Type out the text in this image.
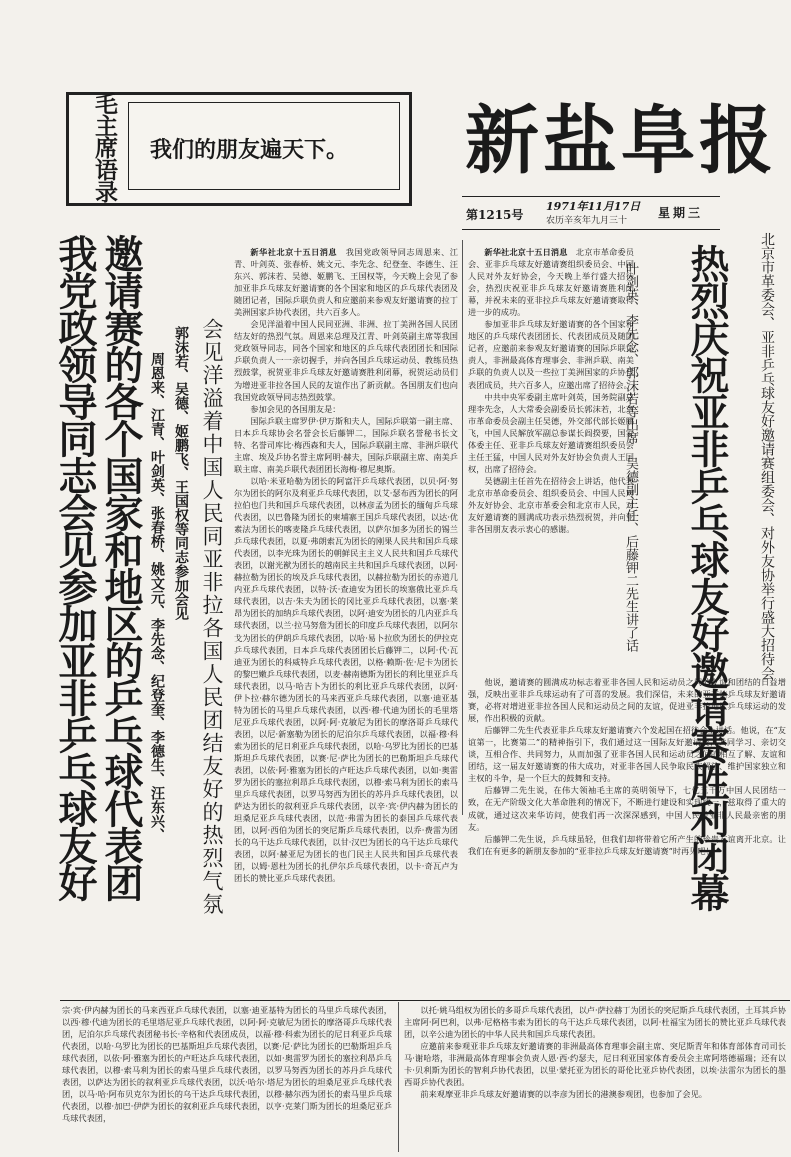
毛主席语录	我们的朋友遍天下。 新盐阜报
第1215号
1971年11月17日
农历辛亥年九月三十
星期三
我党政领导同志会见参加亚非乒乓球友好 邀请赛的各个国家和地区的乒乓球代表团 周恩来、江青、叶剑英、张春桥、姚文元、李先念、纪登奎、李德生、汪东兴、 郭沫若、吴德、姬鹏飞、王国权等同志参加会见 会见洋溢着中国人民同亚非拉各国人民团结友好的热烈气氛

新华社北京十五日消息　 我国党政领导同志周恩来、江青、叶剑英、张春桥、姚文元、李先念、纪登奎、李德生、汪东兴、郭沫若、吴德、姬鹏飞、王国权等，今天晚上会见了参加亚非乒乓球友好邀请赛的各个国家和地区的乒乓球代表团及随团记者，国际乒联负责人和应邀前来参观友好邀请赛的拉丁美洲国家乒协代表团，共六百多人。

会见洋溢着中国人民同亚洲、非洲、拉丁美洲各国人民团结友好的热烈气氛。周恩来总理及江青、叶剑英副主席等我国党政领导同志，同各个国家和地区的乒乓球代表团团长和国际乒联负责人一一亲切握手，并向各国乒乓球运动员、教练员热烈鼓掌，祝贺亚非乒乓球友好邀请赛胜利闭幕，祝贺运动员们为增进亚非拉各国人民的友谊作出了新贡献。各国朋友们也向我国党政领导同志热烈鼓掌。

参加会见的各国朋友是：

国际乒联主席罗伊·伊万斯和夫人，国际乒联第一副主席、日本乒乓球协会名誉会长后藤钾二，国际乒联名誉秘书长文特、名誉司库比·梅西森和夫人，国际乒联副主席、非洲乒联代主席、埃及乒协名誉主席阿明·赫夫，国际乒联副主席、南美乒联主席、南美乒联代表团团长海梅·穆尼奥斯。

以哈·米亚哈勒为团长的阿富汗乒乓球代表团，以贝·阿·努尔为团长的阿尔及利亚乒乓球代表团，以艾·瑟布西为团长的阿拉伯也门共和国乒乓球代表团，以林彦孟为团长的缅甸乒乓球代表团，以巴鲁隆为团长的柬埔寨王国乒乓球代表团，以达·优素法为团长的喀麦隆乒乓球代表团，以萨尔加多为团长的锡兰乒乓球代表团，以夏·弗朗索瓦为团长的刚果人民共和国乒乓球代表团，以李光珠为团长的朝鲜民主主义人民共和国乒乓球代表团，以谢光猷为团长的越南民主共和国乒乓球代表团，以阿·赫拉勒为团长的埃及乒乓球代表团，以赫拉勒为团长的赤道几内亚乒乓球代表团，以特·沃·查迪安为团长的埃塞俄比亚乒乓球代表团，以吉·朱夫为团长的冈比亚乒乓球代表团，以塞·莱昂为团长的加纳乒乓球代表团，以阿·迪安为团长的几内亚乒乓球代表团，以兰·拉马努詹为团长的印度乒乓球代表团，以阿尔戈为团长的伊朗乒乓球代表团，以哈·易卜拉欣为团长的伊拉克乒乓球代表团，日本乒乓球代表团团长后藤钾二，以阿·代·瓦迪亚为团长的科威特乒乓球代表团，以格·赖斯·佐·尼卡为团长的黎巴嫩乒乓球代表团，以麦·赫南德斯为团长的利比里亚乒乓球代表团，以马·哈吉卜为团长的利比亚乒乓球代表团，以阿·伊卜拉·赫尔德为团长的马来西亚乒乓球代表团，以塞·迪亚基特为团长的马里乒乓球代表团，以西·穆·代迪为团长的毛里塔尼亚乒乓球代表团，以阿·阿·克敏尼为团长的摩洛哥乒乓球代表团，以尼·新塞勒为团长的尼泊尔乒乓球代表团，以福·穆·科索为团长的尼日利亚乒乓球代表团，以哈·乌罗比为团长的巴基斯坦乒乓球代表团，以赛·尼·萨比为团长的巴勒斯坦乒乓球代表团，以依·阿·雅塞为团长的卢旺达乒乓球代表团，以如·奥雷罗为团长的塞拉利昂乒乓球代表团，以穆·索马利为团长的索马里乒乓球代表团，以罗马努西为团长的苏丹乒乓球代表团，以萨达为团长的叙利亚乒乓球代表团，以辛·宾·伊内赫为团长的坦桑尼亚乒乓球代表团，以范·弗雷为团长的泰国乒乓球代表团，以阿·西伯为团长的突尼斯乒乓球代表团，以乔·费雷为团长的乌干达乒乓球代表团，以甘·汉巴为团长的乌干达乒乓球代表团，以阿·赫亚尼为团长的也门民主人民共和国乒乓球代表团，以姆·恩杜为团长的扎伊尔乒乓球代表团，以卡·奇瓦卢为团长的赞比亚乒乓球代表团。

新华社北京十五日消息　 北京市革命委员会、亚非乒乓球友好邀请赛组织委员会、中国人民对外友好协会，今天晚上举行盛大招待会，热烈庆祝亚非乒乓球友好邀请赛胜利闭幕，并祝未来的亚非拉乒乓球友好邀请赛取得进一步的成功。

参加亚非乒乓球友好邀请赛的各个国家和地区的乒乓球代表团团长、代表团成员及随团记者，应邀前来参观友好邀请赛的国际乒联负责人，非洲最高体育理事会、非洲乒联、南美乒联的负责人以及一些拉丁美洲国家的乒协代表团成员，共六百多人，应邀出席了招待会。

中共中央军委副主席叶剑英，国务院副总理李先念，人大常委会副委员长郭沫若，北京市革命委员会副主任吴德，外交部代部长姬鹏飞，中国人民解放军副总参谋长阎揆要，国家体委主任、亚非乒乓球友好邀请赛组织委员会主任王猛，中国人民对外友好协会负责人王国权，出席了招待会。

吴德副主任首先在招待会上讲话，他代表北京市革命委员会、组织委员会、中国人民对外友好协会、北京市革委会和北京市人民，对友好邀请赛的圆满成功表示热烈祝贺，并向亚非各国朋友表示衷心的感谢。

他说，邀请赛的圆满成功标志着亚非各国人民和运动员之间的友谊和团结的日益增强，反映出亚非乒乓球运动有了可喜的发展。我们深信，未来的亚非拉乒乓球友好邀请赛，必将对增进亚非拉各国人民和运动员之间的友谊，促进亚非拉地区乒乓球运动的发展，作出积极的贡献。

后藤钾二先生代表亚非乒乓球友好邀请赛六个发起国在招待会上讲话。他说，在“友谊第一，比赛第二”的精神指引下，我们通过这一国际友好邀请赛，共同学习、亲切交谈，互相合作、共同努力，从而加强了亚非各国人民和运动员之间的相互了解、友谊和团结，这一届友好邀请赛的伟大成功，对亚非各国人民争取民族解放、维护国家独立和主权的斗争，是一个巨大的鼓舞和支持。

后藤钾二先生说，在伟大领袖毛主席的英明领导下，七亿五千万中国人民团结一致，在无产阶级文化大革命胜利的情况下，不断进行建设和实现统一，兹取得了重大的成就，通过这次来华访问，使我们再一次深深感到，中国人民是亚非人民最亲密的朋友。

后藤钾二先生说，乒乓球虽轻，但我们却将带着它所产生的珍贵友谊离开北京。让我们在有更多的新朋友参加的“亚非拉乒乓球友好邀请赛”时再见吧！

叶剑英、李先念、郭沫若等出席　吴德副主任、后藤钾二先生讲了话 热烈庆祝亚非乒乓球友好邀请赛胜利闭幕 北京市革委会、亚非乒乓球友好邀请赛组委会、对外友协举行盛大招待会
宗·宾·伊内赫为团长的马来西亚乒乓球代表团，以塞·迪亚基特为团长的马里乒乓球代表团，以西·穆·代迪为团长的毛里塔尼亚乒乓球代表团，以阿·阿·克敏尼为团长的摩洛哥乒乓球代表团，尼泊尔乒乓球代表团秘书长·辛格和代表团成员，以福·穆·科索为团长的尼日利亚乒乓球代表团，以哈·乌罗比为团长的巴基斯坦乒乓球代表团，以赛·尼·萨比为团长的巴勒斯坦乒乓球代表团，以依·阿·雅塞为团长的卢旺达乒乓球代表团，以如·奥雷罗为团长的塞拉利昂乒乓球代表团，以穆·索马利为团长的索马里乒乓球代表团，以罗马努西为团长的苏丹乒乓球代表团，以萨达为团长的叙利亚乒乓球代表团，以沃·哈尔·塔尼为团长的坦桑尼亚乒乓球代表团，以马·哈·阿布贝克尔为团长的乌干达乒乓球代表团，以穆·赫尔西为团长的索马里乒乓球代表团，以穆·加巴·伊萨为团长的叙利亚乒乓球代表团，以亨·克莱门斯为团长的坦桑尼亚乒乓球代表团，

以托·姚马组权为团长的多哥乒乓球代表团，以卢·萨拉赫丁为团长的突尼斯乒乓球代表团，土耳其乒协主席阿·阿巴利，以弗·尼格格韦索为团长的乌干达乒乓球代表团，以阿·杜福宝为团长的赞比亚乒乓球代表团，以辛公迪为团长的中华人民共和国乒乓球代表团。

应邀前来参观亚非乒乓球友好邀请赛的非洲最高体育理事会副主席、突尼斯青年和体育部体育司司长马·谢哈塔，非洲最高体育理事会负责人恩·西·约瑟夫，尼日利亚国家体育委员会主席阿塔德福瑞；还有以卡·贝利斯为团长的智利乒协代表团，以里·蒙托亚为团长的哥伦比亚乒协代表团，以埃·法雷尔为团长的墨西哥乒协代表团。

前来观摩亚非乒乓球友好邀请赛的以李彦为团长的港澳参观团，也参加了会见。
